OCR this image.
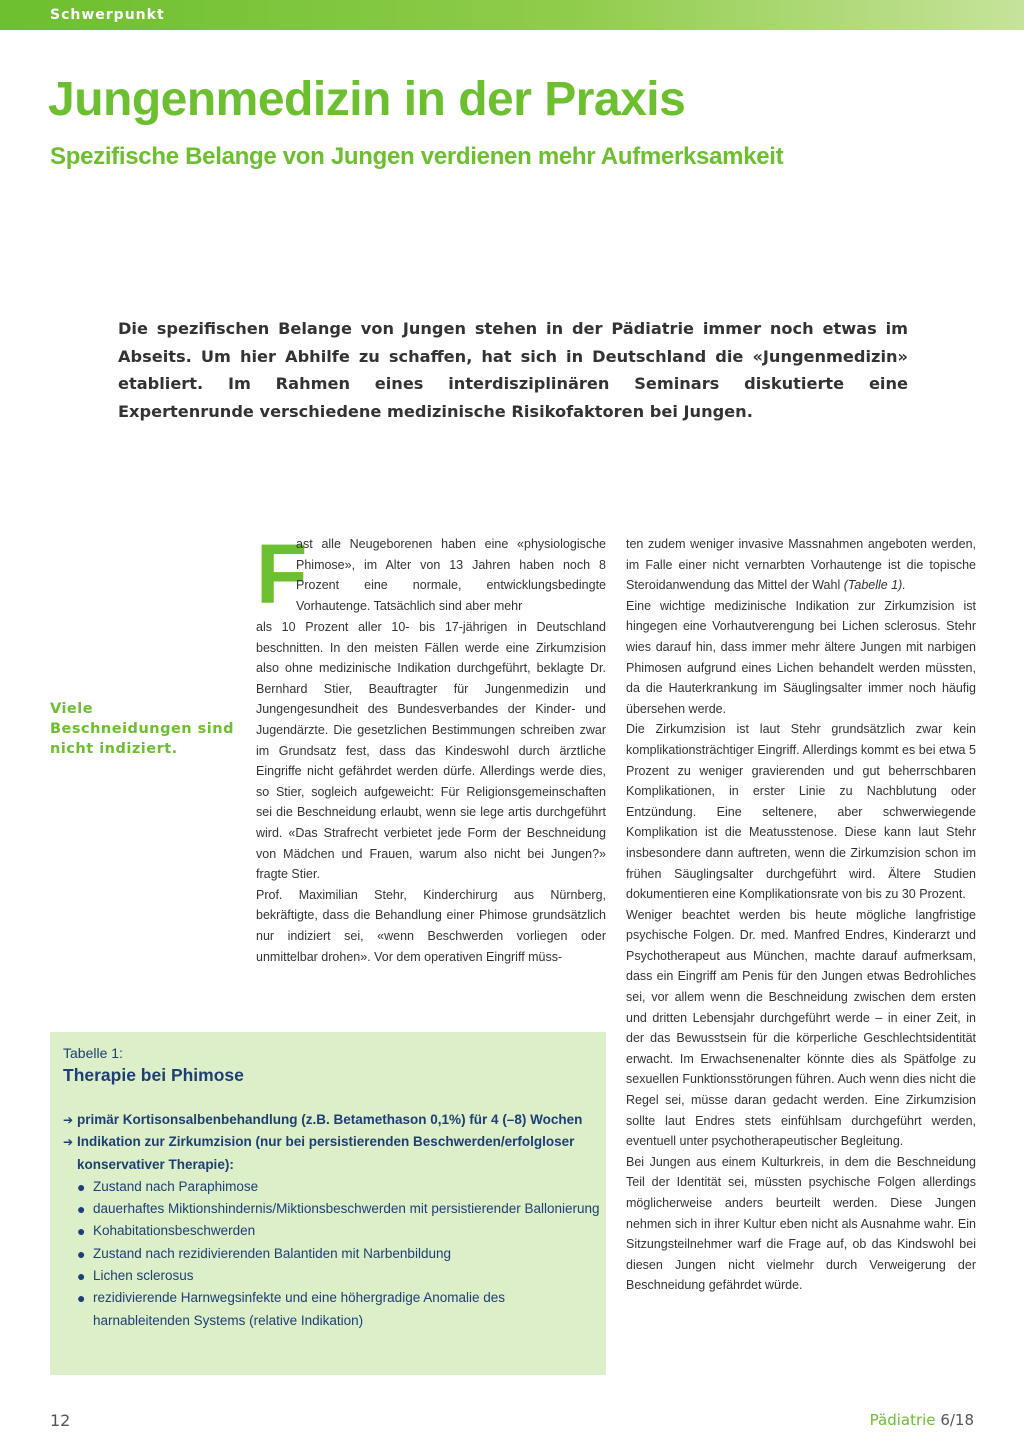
Schwerpunkt
Jungenmedizin in der Praxis
Spezifische Belange von Jungen verdienen mehr Aufmerksamkeit

Die spezifischen Belange von Jungen stehen in der Pädiatrie immer noch etwas im Abseits. Um hier Abhilfe zu schaffen, hat sich in Deutschland die «Jungenmedizin» etabliert. Im Rahmen eines interdisziplinären Seminars diskutierte eine Expertenrunde verschiedene medizinische Risikofaktoren bei Jungen.

Viele Beschneidungen sind nicht indiziert.

F

ast alle Neugeborenen haben eine «physiologische Phimose», im Alter von 13 Jahren haben noch 8 Prozent eine normale, entwicklungsbedingte Vorhautenge. Tatsächlich sind aber mehr

als 10 Prozent aller 10- bis 17-jährigen in Deutschland beschnitten. In den meisten Fällen werde eine Zirkumzision also ohne medizinische Indikation durchgeführt, beklagte Dr. Bernhard Stier, Beauftragter für Jungenmedizin und Jungengesundheit des Bundesverbandes der Kinder- und Jugendärzte. Die gesetzlichen Bestimmungen schreiben zwar im Grundsatz fest, dass das Kindeswohl durch ärztliche Eingriffe nicht gefährdet werden dürfe. Allerdings werde dies, so Stier, sogleich aufgeweicht: Für Religionsgemeinschaften sei die Beschneidung erlaubt, wenn sie lege artis durchgeführt wird. «Das Strafrecht verbietet jede Form der Beschneidung von Mädchen und Frauen, warum also nicht bei Jungen?» fragte Stier.

Prof. Maximilian Stehr, Kinderchirurg aus Nürnberg, bekräftigte, dass die Behandlung einer Phimose grundsätzlich nur indiziert sei, «wenn Beschwerden vorliegen oder unmittelbar drohen». Vor dem operativen Eingriff müss-

ten zudem weniger invasive Massnahmen angeboten werden, im Falle einer nicht vernarbten Vorhautenge ist die topische Steroidanwendung das Mittel der Wahl (Tabelle 1).

Eine wichtige medizinische Indikation zur Zirkumzision ist hingegen eine Vorhautverengung bei Lichen sclerosus. Stehr wies darauf hin, dass immer mehr ältere Jungen mit narbigen Phimosen aufgrund eines Lichen behandelt werden müssten, da die Hauterkrankung im Säuglingsalter immer noch häufig übersehen werde.

Die Zirkumzision ist laut Stehr grundsätzlich zwar kein komplikationsträchtiger Eingriff. Allerdings kommt es bei etwa 5 Prozent zu weniger gravierenden und gut beherrschbaren Komplikationen, in erster Linie zu Nachblutung oder Entzündung. Eine seltenere, aber schwerwiegende Komplikation ist die Meatusstenose. Diese kann laut Stehr insbesondere dann auftreten, wenn die Zirkumzision schon im frühen Säuglingsalter durchgeführt wird. Ältere Studien dokumentieren eine Komplikationsrate von bis zu 30 Prozent.

Weniger beachtet werden bis heute mögliche langfristige psychische Folgen. Dr. med. Manfred Endres, Kinderarzt und Psychotherapeut aus München, machte darauf aufmerksam, dass ein Eingriff am Penis für den Jungen etwas Bedrohliches sei, vor allem wenn die Beschneidung zwischen dem ersten und dritten Lebensjahr durchgeführt werde – in einer Zeit, in der das Bewusstsein für die körperliche Geschlechtsidentität erwacht. Im Erwachsenenalter könnte dies als Spätfolge zu sexuellen Funktionsstörungen führen. Auch wenn dies nicht die Regel sei, müsse daran gedacht werden. Eine Zirkumzision sollte laut Endres stets einfühlsam durchgeführt werden, eventuell unter psychotherapeutischer Begleitung.

Bei Jungen aus einem Kulturkreis, in dem die Beschneidung Teil der Identität sei, müssten psychische Folgen allerdings möglicherweise anders beurteilt werden. Diese Jungen nehmen sich in ihrer Kultur eben nicht als Ausnahme wahr. Ein Sitzungsteilnehmer warf die Frage auf, ob das Kindswohl bei diesen Jungen nicht vielmehr durch Verweigerung der Beschneidung gefährdet würde.

Tabelle 1:
Therapie bei Phimose
➔ primär Kortisonsalbenbehandlung (z.B. Betamethason 0,1%) für 4 (–8) Wochen
➔ Indikation zur Zirkumzision (nur bei persistierenden Beschwerden/erfolgloser konservativer Therapie):
● Zustand nach Paraphimose
● dauerhaftes Miktionshindernis/Miktionsbeschwerden mit persistierender Ballonierung
● Kohabitationsbeschwerden
● Zustand nach rezidivierenden Balantiden mit Narbenbildung
● Lichen sclerosus
● rezidivierende Harnwegsinfekte und eine höhergradige Anomalie des harnableitenden Systems (relative Indikation)
12	Pädiatrie 6/18
